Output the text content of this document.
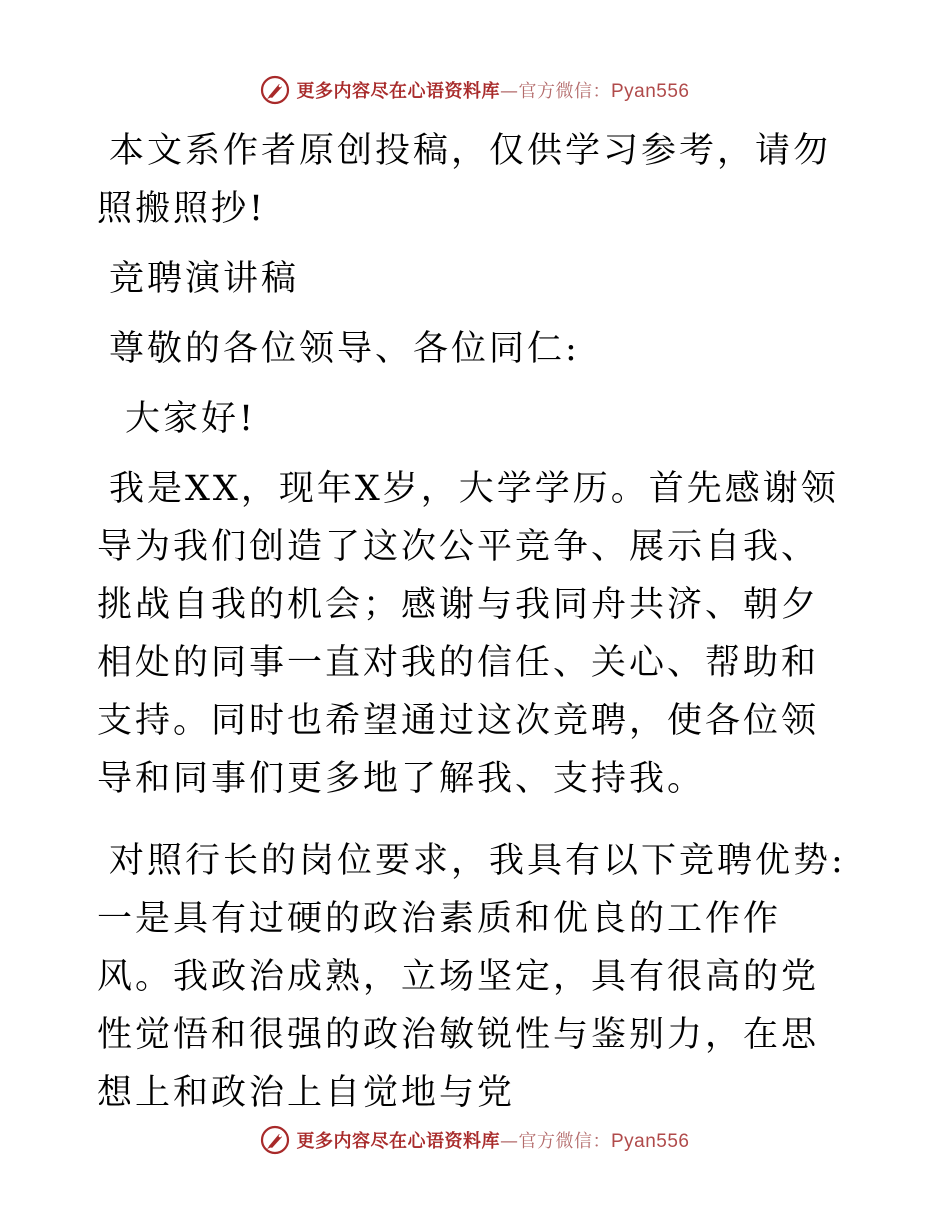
更多内容尽在心语资料库—官方微信：Pyan556

本文系作者原创投稿，仅供学习参考，请勿照搬照抄!

竞聘演讲稿

尊敬的各位领导、各位同仁:

大家好!

我是XX，现年X岁，大学学历。首先感谢领导为我们创造了这次公平竞争、展示自我、挑战自我的机会；感谢与我同舟共济、朝夕相处的同事一直对我的信任、关心、帮助和支持。同时也希望通过这次竞聘，使各位领导和同事们更多地了解我、支持我。

对照行长的岗位要求，我具有以下竞聘优势: 一是具有过硬的政治素质和优良的工作作风。我政治成熟，立场坚定，具有很高的党性觉悟和很强的政治敏锐性与鉴别力，在思想上和政治上自觉地与党

更多内容尽在心语资料库—官方微信：Pyan556
